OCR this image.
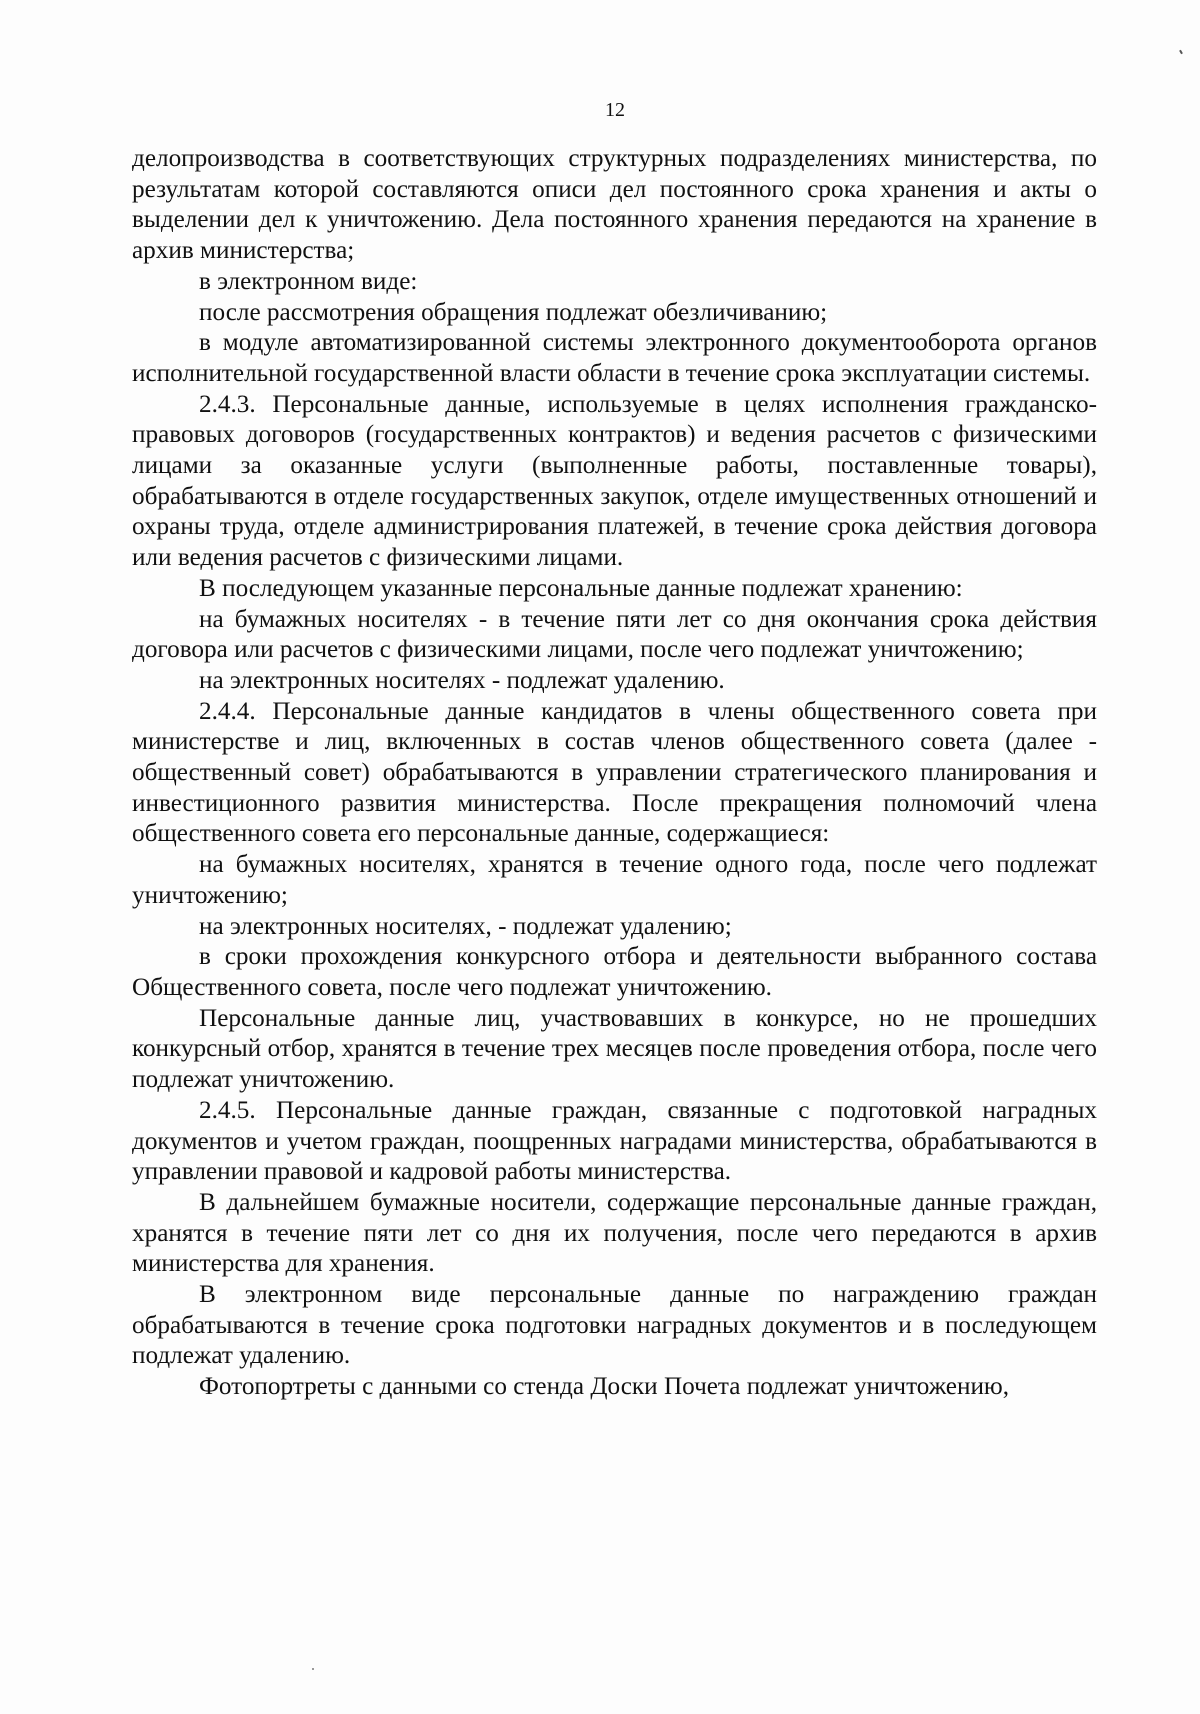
12

делопроизводства в соответствующих структурных подразделениях министерства, по результатам которой составляются описи дел постоянного срока хранения и акты о выделении дел к уничтожению. Дела постоянного хранения передаются на хранение в архив министерства;

в электронном виде:

после рассмотрения обращения подлежат обезличиванию;

в модуле автоматизированной системы электронного документооборота органов исполнительной государственной власти области в течение срока эксплуатации системы.

2.4.3. Персональные данные, используемые в целях исполнения гражданско-правовых договоров (государственных контрактов) и ведения расчетов с физическими лицами за оказанные услуги (выполненные работы, поставленные товары), обрабатываются в отделе государственных закупок, отделе имущественных отношений и охраны труда, отделе администрирования платежей, в течение срока действия договора или ведения расчетов с физическими лицами.

В последующем указанные персональные данные подлежат хранению:

на бумажных носителях - в течение пяти лет со дня окончания срока действия договора или расчетов с физическими лицами, после чего подлежат уничтожению;

на электронных носителях - подлежат удалению.

2.4.4. Персональные данные кандидатов в члены общественного совета при министерстве и лиц, включенных в состав членов общественного совета (далее - общественный совет) обрабатываются в управлении стратегического планирования и инвестиционного развития министерства. После прекращения полномочий члена общественного совета его персональные данные, содержащиеся:

на бумажных носителях, хранятся в течение одного года, после чего подлежат уничтожению;

на электронных носителях, - подлежат удалению;

в сроки прохождения конкурсного отбора и деятельности выбранного состава Общественного совета, после чего подлежат уничтожению.

Персональные данные лиц, участвовавших в конкурсе, но не прошедших конкурсный отбор, хранятся в течение трех месяцев после проведения отбора, после чего подлежат уничтожению.

2.4.5. Персональные данные граждан, связанные с подготовкой наградных документов и учетом граждан, поощренных наградами министерства, обрабатываются в управлении правовой и кадровой работы министерства.

В дальнейшем бумажные носители, содержащие персональные данные граждан, хранятся в течение пяти лет со дня их получения, после чего передаются в архив министерства для хранения.

В электронном виде персональные данные по награждению граждан обрабатываются в течение срока подготовки наградных документов и в последующем подлежат удалению.

Фотопортреты с данными со стенда Доски Почета подлежат уничтожению,
